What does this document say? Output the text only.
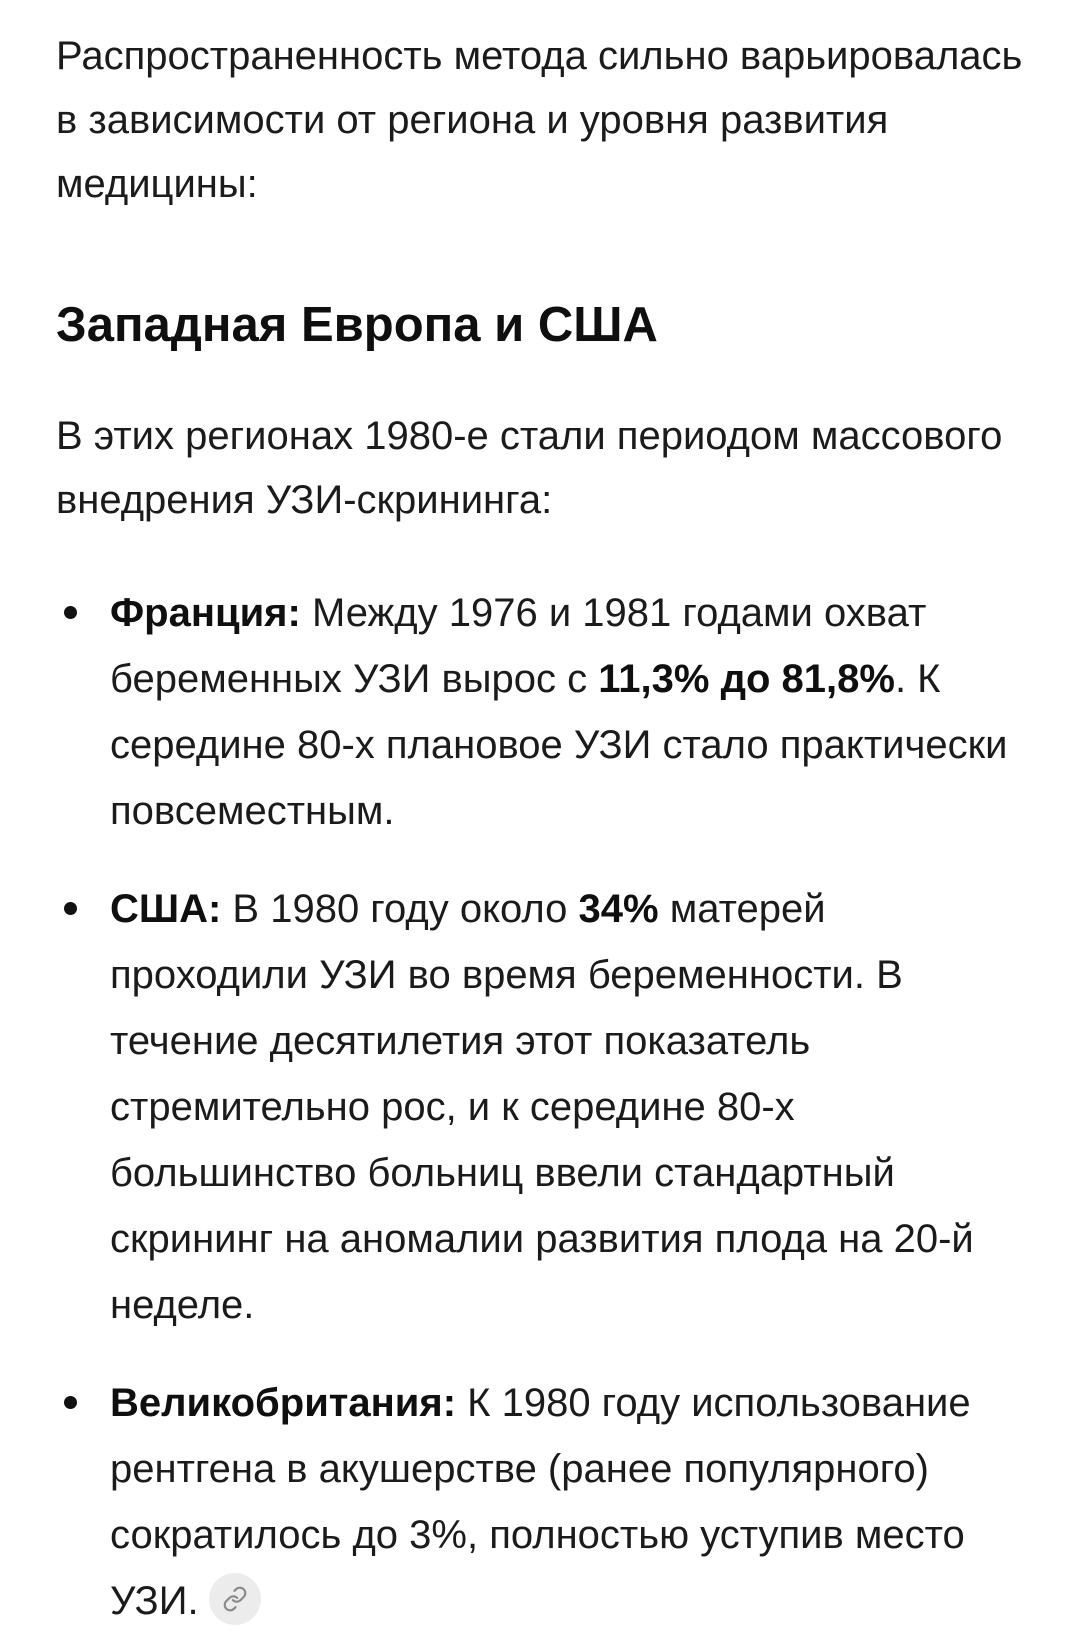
Распространенность метода сильно варьировалась в зависимости от региона и уровня развития медицины:

Западная Европа и США

В этих регионах 1980-е стали периодом массового внедрения УЗИ-скрининга:

Франция: Между 1976 и 1981 годами охват беременных УЗИ вырос с 11,3% до 81,8%. К середине 80-х плановое УЗИ стало практически повсеместным.
США: В 1980 году около 34% матерей проходили УЗИ во время беременности. В течение десятилетия этот показатель стремительно рос, и к середине 80-х большинство больниц ввели стандартный скрининг на аномалии развития плода на 20-й неделе.
Великобритания: К 1980 году использование рентгена в акушерстве (ранее популярного) сократилось до 3%, полностью уступив место УЗИ.
